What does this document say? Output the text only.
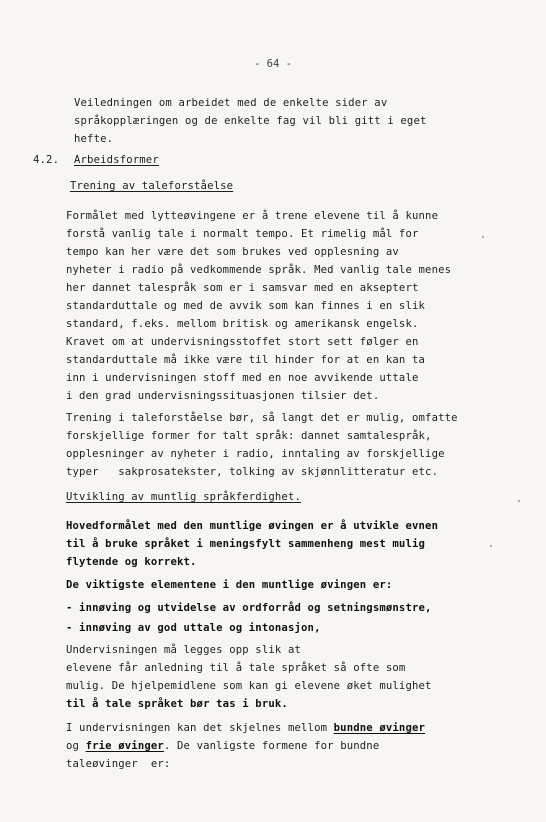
- 64 -
Veiledningen om arbeidet med de enkelte sider av
språkopplæringen og de enkelte fag vil bli gitt i eget
hefte.
4.2. Arbeidsformer
Trening av taleforståelse
Formålet med lytteøvingene er å trene elevene til å kunne
forstå vanlig tale i normalt tempo. Et rimelig mål for
tempo kan her være det som brukes ved opplesning av
nyheter i radio på vedkommende språk. Med vanlig tale menes
her dannet talespråk som er i samsvar med en akseptert
standarduttale og med de avvik som kan finnes i en slik
standard, f.eks. mellom britisk og amerikansk engelsk.
Kravet om at undervisningsstoffet stort sett følger en
standarduttale må ikke være til hinder for at en kan ta
inn i undervisningen stoff med en noe avvikende uttale
i den grad undervisningssituasjonen tilsier det.
Trening i taleforståelse bør, så langt det er mulig, omfatte
forskjellige former for talt språk: dannet samtalespråk,
opplesninger av nyheter i radio, inntaling av forskjellige
typer   sakprosatekster, tolking av skjønnlitteratur etc.
Utvikling av muntlig språkferdighet.
Hovedformålet med den muntlige øvingen er å utvikle evnen
til å bruke språket i meningsfylt sammenheng mest mulig
flytende og korrekt.
De viktigste elementene i den muntlige øvingen er:
- innøving og utvidelse av ordforråd og setningsmønstre,
- innøving av god uttale og intonasjon,
Undervisningen må legges opp slik at
elevene får anledning til å tale språket så ofte som
mulig. De hjelpemidlene som kan gi elevene øket mulighet
til å tale språket bør tas i bruk.
I undervisningen kan det skjelnes mellom bundne øvinger
og frie øvinger. De vanligste formene for bundne
taleøvinger  er:
